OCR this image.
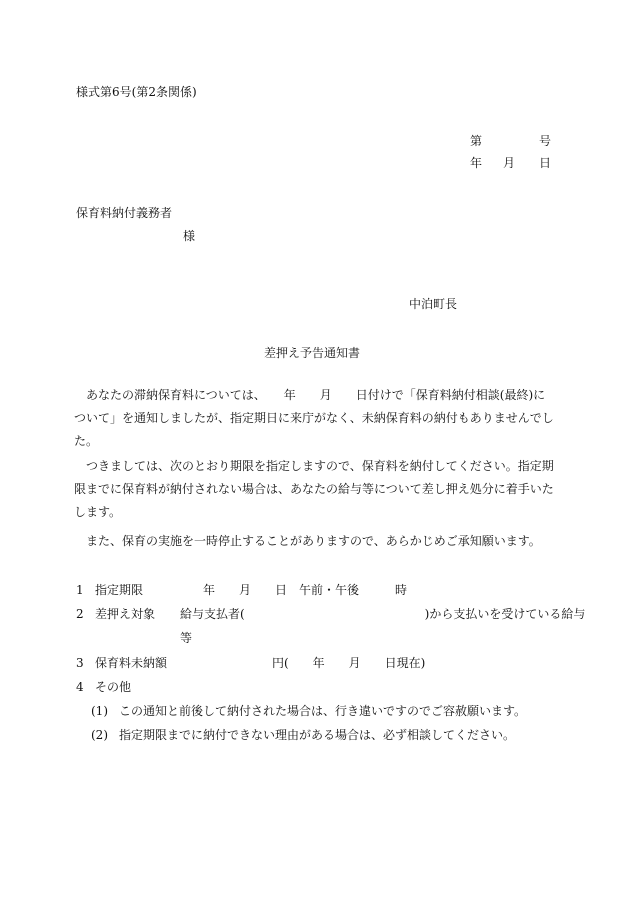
様式第6号(第2条関係)
第	号
年 月 日
保育料納付義務者
様
中泊町長
差押え予告通知書
　あなたの滞納保育料については、　　年　　月　　日付けで「保育料納付相談(最終)に
ついて」を通知しましたが、指定期日に来庁がなく、未納保育料の納付もありませんでし
た。
　つきましては、次のとおり期限を指定しますので、保育料を納付してください。指定期
限までに保育料が納付されない場合は、あなたの給与等について差し押え処分に着手いた
します。
　また、保育の実施を一時停止することがありますので、あらかじめご承知願います。
1 指定期限	年　　月　　日　午前・午後　　　時
2 差押え対象 給与支払者(　　　　　　　　　　　　　　　)から支払いを受けている給与
等
3 保育料未納額	円(　　年　　月　　日現在)
4 その他
(1) この通知と前後して納付された場合は、行き違いですのでご容赦願います。
(2) 指定期限までに納付できない理由がある場合は、必ず相談してください。
